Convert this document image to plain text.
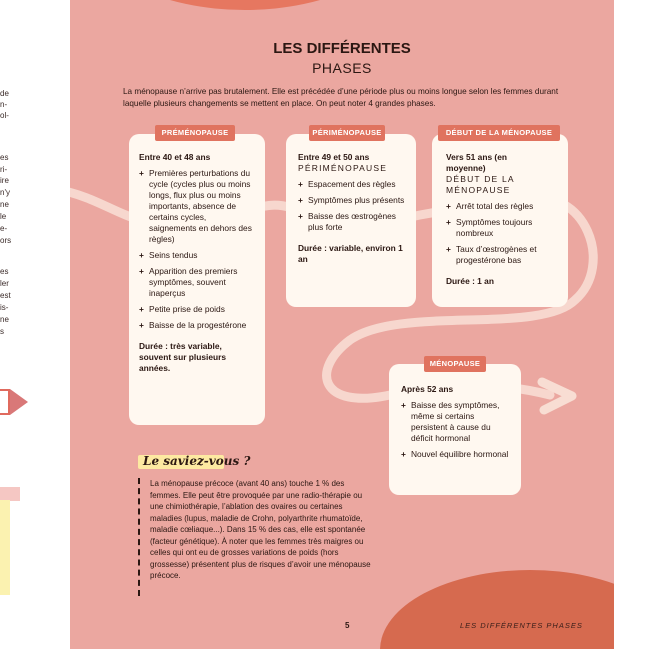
de
n-
ol-
es
ri-
ire
n'y
ne
le
e-
ors
es
ler
est
is-
ne
s
LES DIFFÉRENTES
PHASES
La ménopause n’arrive pas brutalement. Elle est précédée d’une période plus ou moins longue selon les femmes durant laquelle plusieurs changements se mettent en place. On peut noter 4 grandes phases.
Entre 40 et 48 ans
+ Premières perturbations du cycle (cycles plus ou moins longs, flux plus ou moins importants, absence de certains cycles, saignements en dehors des règles)
+ Seins tendus
+ Apparition des premiers symptômes, souvent inaperçus
+ Petite prise de poids
+ Baisse de la progestérone
Durée : très variable, souvent sur plusieurs années.
PRÉMÉNOPAUSE
Entre 49 et 50 ans
PÉRIMÉNOPAUSE
+ Espacement des règles
+ Symptômes plus présents
+ Baisse des œstrogènes plus forte
Durée : variable, environ 1 an
PÉRIMÉNOPAUSE
Vers 51 ans (en moyenne)
DÉBUT DE LA MÉNOPAUSE
+ Arrêt total des règles
+ Symptômes toujours nombreux
+ Taux d’œstrogènes et progestérone bas
Durée : 1 an
DÉBUT DE LA MÉNOPAUSE
Après 52 ans
+ Baisse des symptômes, même si certains persistent à cause du déficit hormonal
+ Nouvel équilibre hormonal
MÉNOPAUSE
Le saviez-vous ?
La ménopause précoce (avant 40 ans) touche 1 % des femmes. Elle peut être provoquée par une radio-thérapie ou une chimiothérapie, l’ablation des ovaires ou certaines maladies (lupus, maladie de Crohn, polyarthrite rhumatoïde, maladie cœliaque...). Dans 15 % des cas, elle est spontanée (facteur génétique). À noter que les femmes très maigres ou celles qui ont eu de grosses variations de poids (hors grossesse) présentent plus de risques d’avoir une ménopause précoce.
5	LES DIFFÉRENTES PHASES
